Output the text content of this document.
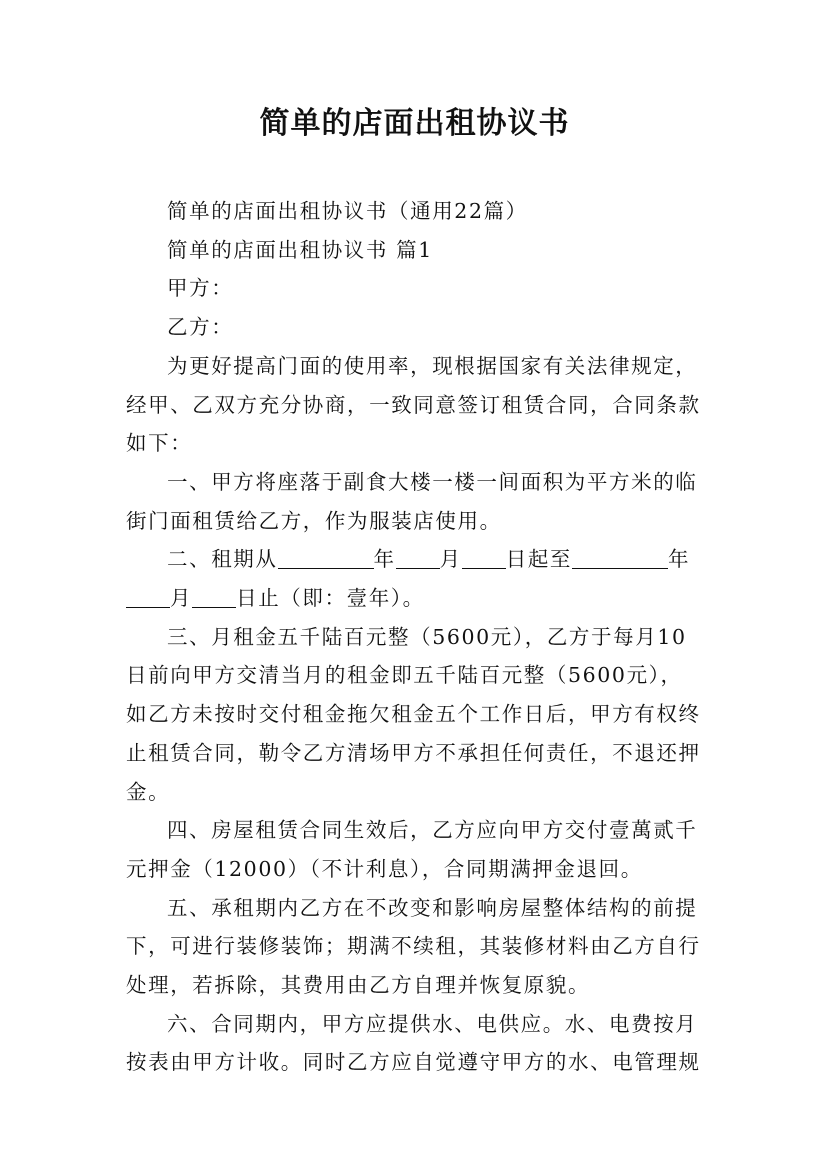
简单的店面出租协议书

简单的店面出租协议书（通用22篇）

简单的店面出租协议书 篇1

甲方：

乙方：

为更好提高门面的使用率，现根据国家有关法律规定，经甲、乙双方充分协商，一致同意签订租赁合同，合同条款如下：

一、甲方将座落于副食大楼一楼一间面积为平方米的临街门面租赁给乙方，作为服装店使用。

二、租期从	年 月 日起至	年月 日止（即：壹年）。

三、月租金五千陆百元整（5600元），乙方于每月10日前向甲方交清当月的租金即五千陆百元整（5600元），如乙方未按时交付租金拖欠租金五个工作日后，甲方有权终止租赁合同，勒令乙方清场甲方不承担任何责任，不退还押金。

四、房屋租赁合同生效后，乙方应向甲方交付壹萬贰千元押金（12000）（不计利息），合同期满押金退回。

五、承租期内乙方在不改变和影响房屋整体结构的前提下，可进行装修装饰；期满不续租，其装修材料由乙方自行处理，若拆除，其费用由乙方自理并恢复原貌。

六、合同期内，甲方应提供水、电供应。水、电费按月按表由甲方计收。同时乙方应自觉遵守甲方的水、电管理规
